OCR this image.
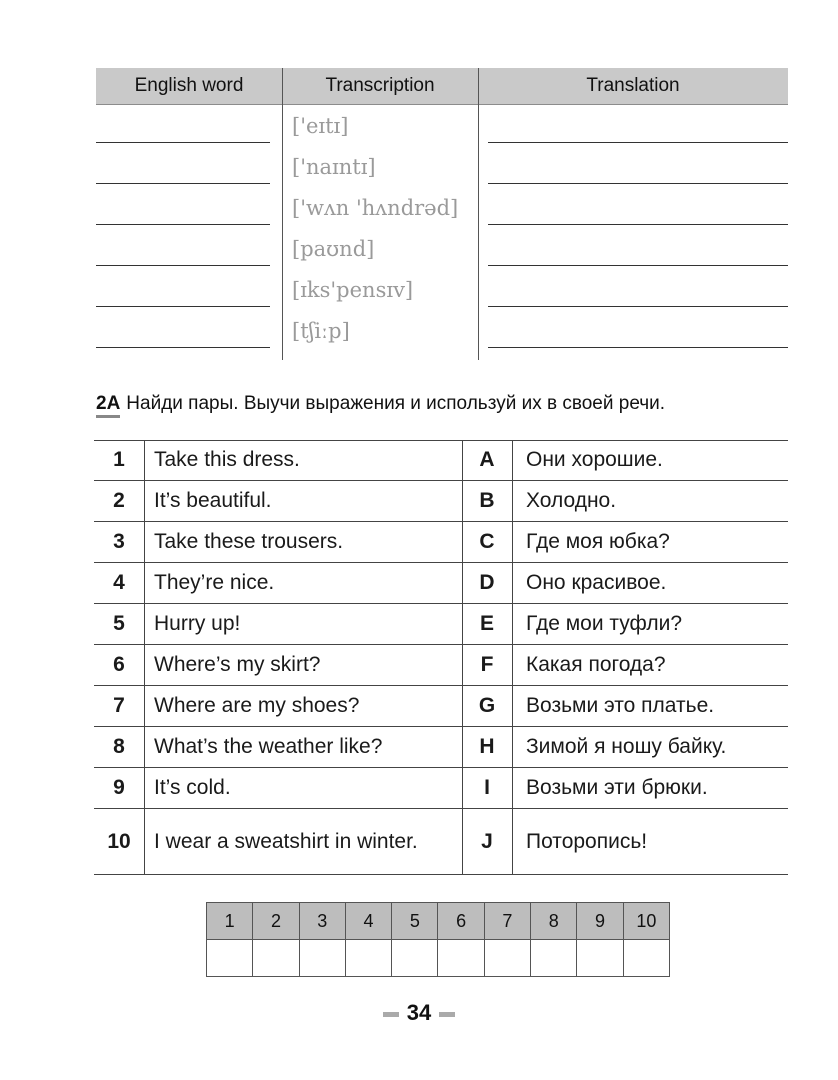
English word	Transcription	Translation
['eɪtɪ]
['naɪntɪ]
['wʌn 'hʌndrəd]
[paʊnd]
[ɪks'pensɪv]
[tʃiːp]
2A Найди пары. Выучи выражения и используй их в своей речи.
1	Take this dress.	A	Они хорошие.
2	It’s beautiful.	B	Холодно.
3	Take these trousers.	C	Где моя юбка?
4	They’re nice.	D	Оно красивое.
5	Hurry up!	E	Где мои туфли?
6	Where’s my skirt?	F	Какая погода?
7	Where are my shoes?	G	Возьми это платье.
8	What’s the weather like?	H	Зимой я ношу байку.
9	It’s cold.	I	Возьми эти брюки.
10	I wear a sweatshirt in winter.	J	Поторопись!
1	2	3	4	5	6	7	8	9	10

34
